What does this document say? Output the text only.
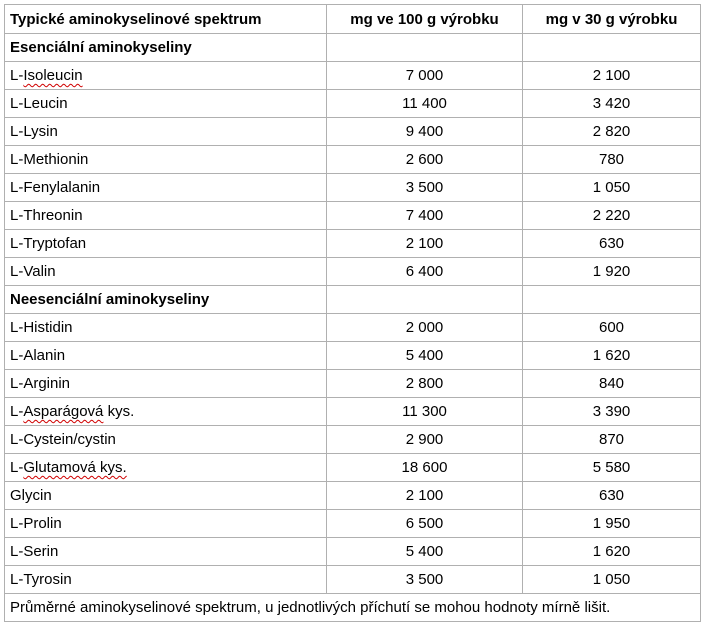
Typické aminokyselinové spektrum	mg ve 100 g výrobku	mg v 30 g výrobku
Esenciální aminokyseliny		
L-Isoleucin	7 000	2 100
L-Leucin	11 400	3 420
L-Lysin	9 400	2 820
L-Methionin	2 600	780
L-Fenylalanin	3 500	1 050
L-Threonin	7 400	2 220
L-Tryptofan	2 100	630
L-Valin	6 400	1 920
Neesenciální aminokyseliny		
L-Histidin	2 000	600
L-Alanin	5 400	1 620
L-Arginin	2 800	840
L-Asparágová kys.	11 300	3 390
L-Cystein/cystin	2 900	870
L-Glutamová kys.	18 600	5 580
Glycin	2 100	630
L-Prolin	6 500	1 950
L-Serin	5 400	1 620
L-Tyrosin	3 500	1 050
Průměrné aminokyselinové spektrum, u jednotlivých příchutí se mohou hodnoty mírně lišit.		
